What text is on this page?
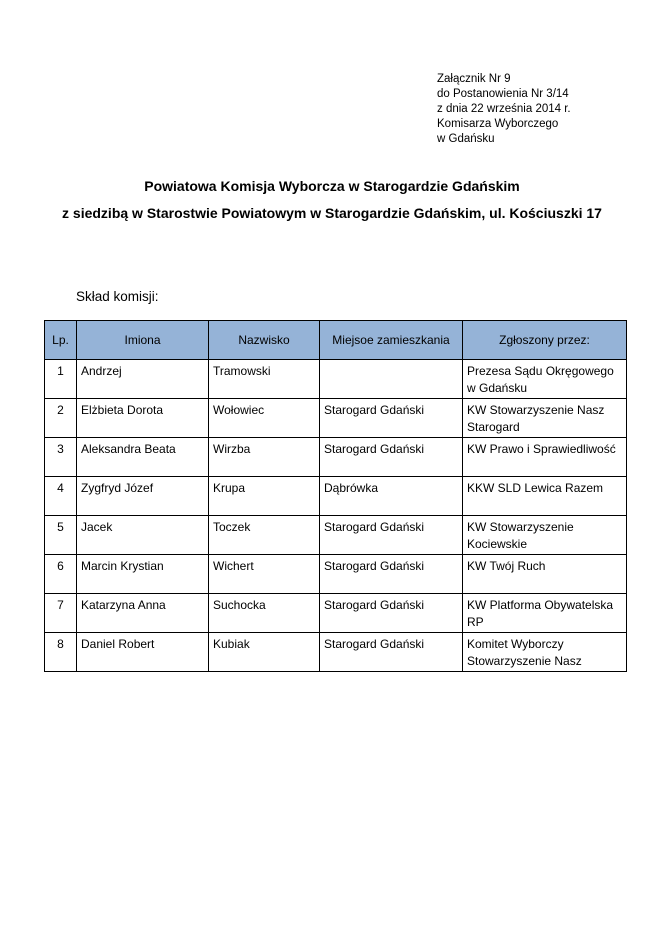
Załącznik Nr 9
do Postanowienia Nr 3/14
z dnia 22 września 2014 r.
Komisarza Wyborczego
w Gdańsku
Powiatowa Komisja Wyborcza w Starogardzie Gdańskim
z siedzibą w Starostwie Powiatowym w Starogardzie Gdańskim, ul. Kościuszki 17
Skład komisji:
Lp.	Imiona	Nazwisko	Miejsoe zamieszkania	Zgłoszony przez:
1	Andrzej	Tramowski		Prezesa Sądu Okręgowego
w Gdańsku

2	Elżbieta Dorota	Wołowiec	Starogard Gdański	KW Stowarzyszenie Nasz
Starogard

3	Aleksandra Beata	Wirzba	Starogard Gdański	KW Prawo i Sprawiedliwość

4	Zygfryd Józef	Krupa	Dąbrówka	KKW SLD Lewica Razem

5	Jacek	Toczek	Starogard Gdański	KW Stowarzyszenie
Kociewskie

6	Marcin Krystian	Wichert	Starogard Gdański	KW Twój Ruch

7	Katarzyna Anna	Suchocka	Starogard Gdański	KW Platforma Obywatelska RP

8	Daniel Robert	Kubiak	Starogard Gdański	Komitet Wyborczy
Stowarzyszenie Nasz
